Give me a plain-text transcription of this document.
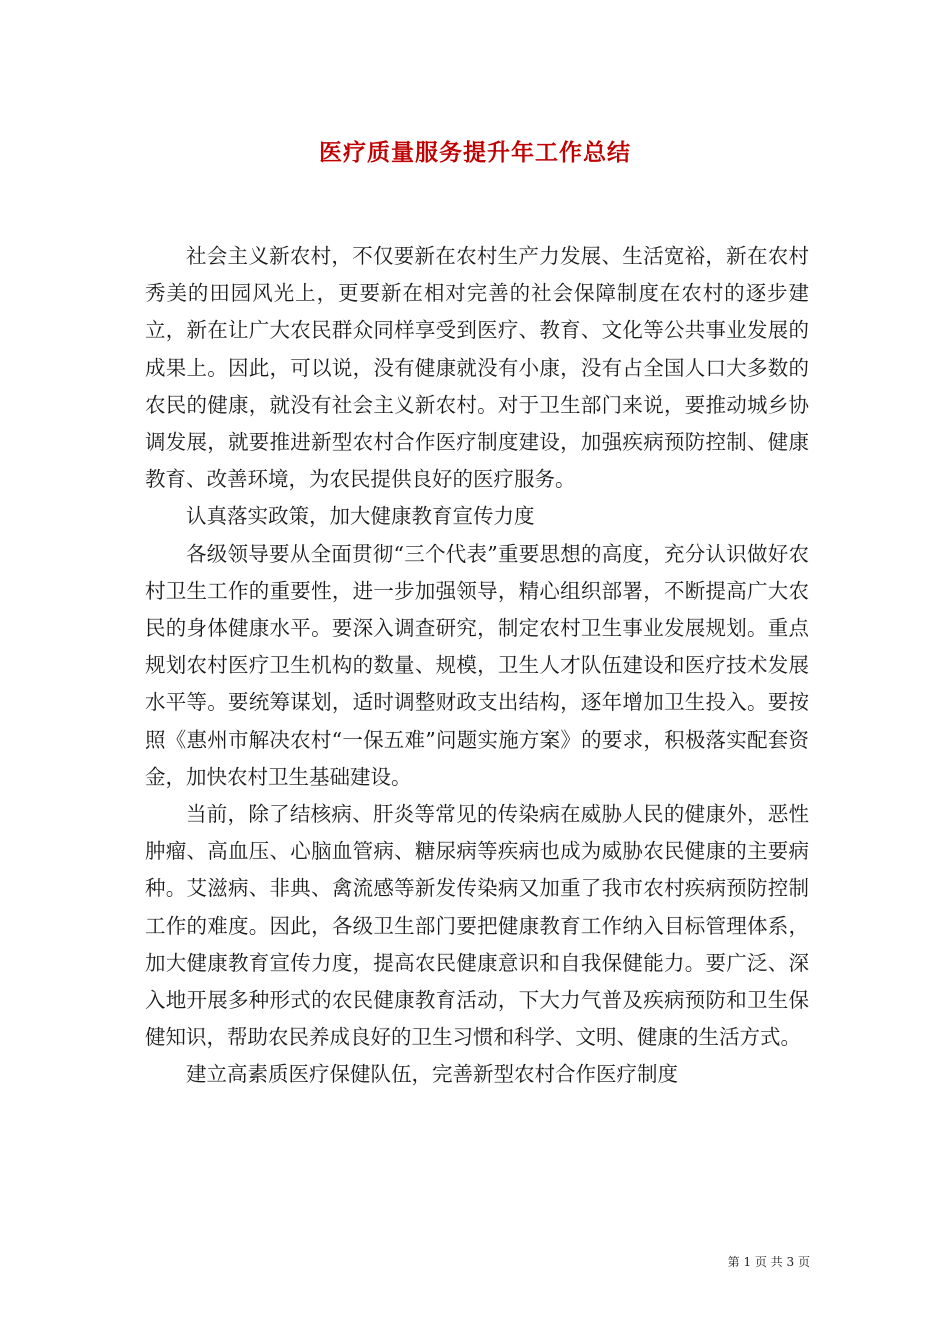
医疗质量服务提升年工作总结

社会主义新农村，不仅要新在农村生产力发展、生活宽裕，新在农村秀美的田园风光上，更要新在相对完善的社会保障制度在农村的逐步建立，新在让广大农民群众同样享受到医疗、教育、文化等公共事业发展的成果上。因此，可以说，没有健康就没有小康，没有占全国人口大多数的农民的健康，就没有社会主义新农村。对于卫生部门来说，要推动城乡协调发展，就要推进新型农村合作医疗制度建设，加强疾病预防控制、健康教育、改善环境，为农民提供良好的医疗服务。

认真落实政策，加大健康教育宣传力度

各级领导要从全面贯彻“三个代表”重要思想的高度，充分认识做好农村卫生工作的重要性，进一步加强领导，精心组织部署，不断提高广大农民的身体健康水平。要深入调查研究，制定农村卫生事业发展规划。重点规划农村医疗卫生机构的数量、规模，卫生人才队伍建设和医疗技术发展水平等。要统筹谋划，适时调整财政支出结构，逐年增加卫生投入。要按照《惠州市解决农村“一保五难”问题实施方案》的要求，积极落实配套资金，加快农村卫生基础建设。

当前，除了结核病、肝炎等常见的传染病在威胁人民的健康外，恶性肿瘤、高血压、心脑血管病、糖尿病等疾病也成为威胁农民健康的主要病种。艾滋病、非典、禽流感等新发传染病又加重了我市农村疾病预防控制工作的难度。因此，各级卫生部门要把健康教育工作纳入目标管理体系，加大健康教育宣传力度，提高农民健康意识和自我保健能力。要广泛、深入地开展多种形式的农民健康教育活动，下大力气普及疾病预防和卫生保健知识，帮助农民养成良好的卫生习惯和科学、文明、健康的生活方式。

建立高素质医疗保健队伍，完善新型农村合作医疗制度

第 1 页 共 3 页
